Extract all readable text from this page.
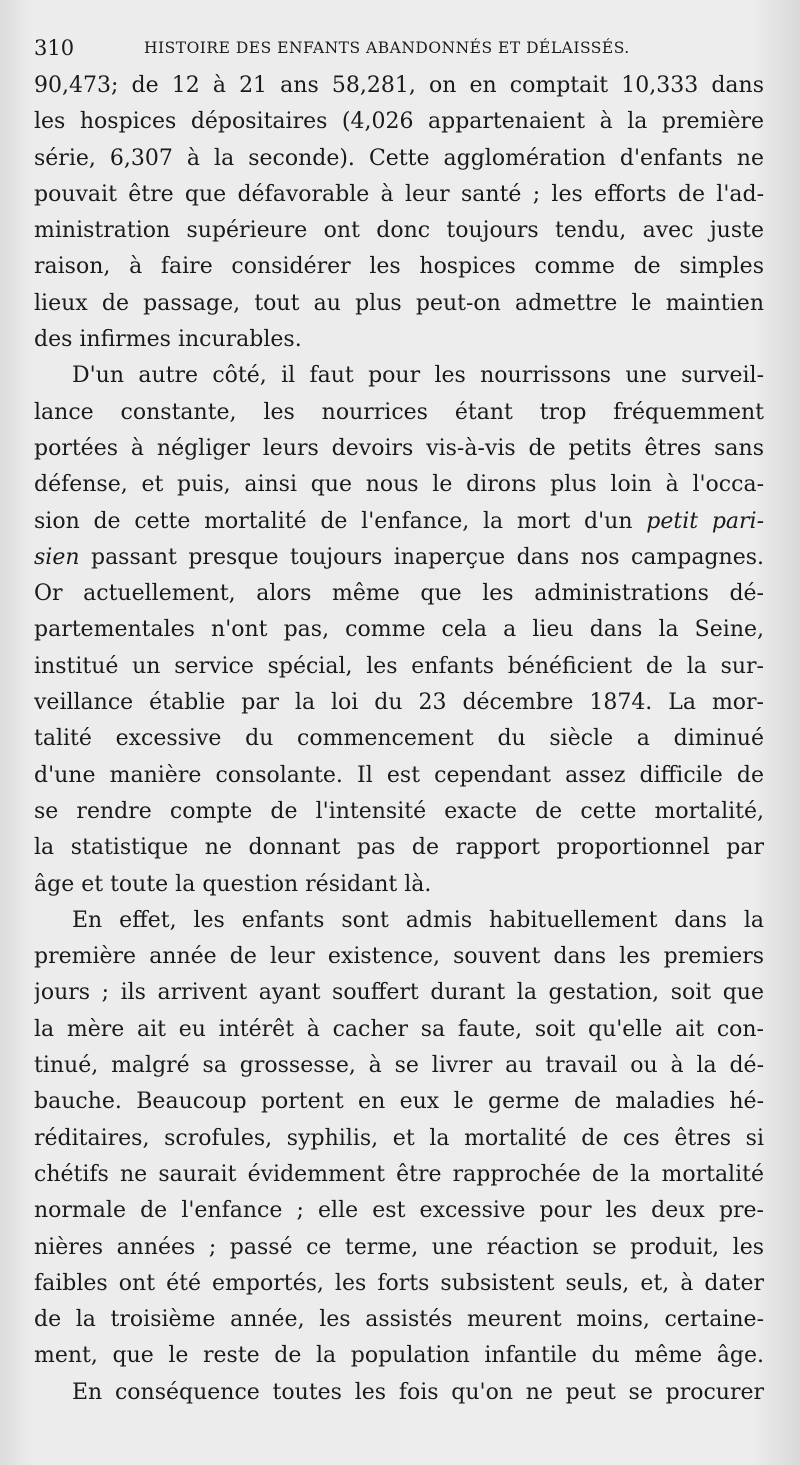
310	HISTOIRE DES ENFANTS ABANDONNÉS ET DÉLAISSÉS.
90,473; de 12 à 21 ans 58,281, on en comptait 10,333 dans
les hospices dépositaires (4,026 appartenaient à la première
série, 6,307 à la seconde). Cette agglomération d'enfants ne
pouvait être que défavorable à leur santé ; les efforts de l'ad-
ministration supérieure ont donc toujours tendu, avec juste
raison, à faire considérer les hospices comme de simples
lieux de passage, tout au plus peut-on admettre le maintien
des infirmes incurables.
D'un autre côté, il faut pour les nourrissons une surveil-
lance constante, les nourrices étant trop fréquemment
portées à négliger leurs devoirs vis-à-vis de petits êtres sans
défense, et puis, ainsi que nous le dirons plus loin à l'occa-
sion de cette mortalité de l'enfance, la mort d'un petit pari-
sien passant presque toujours inaperçue dans nos campagnes.
Or actuellement, alors même que les administrations dé-
partementales n'ont pas, comme cela a lieu dans la Seine,
institué un service spécial, les enfants bénéficient de la sur-
veillance établie par la loi du 23 décembre 1874. La mor-
talité excessive du commencement du siècle a diminué
d'une manière consolante. Il est cependant assez difficile de
se rendre compte de l'intensité exacte de cette mortalité,
la statistique ne donnant pas de rapport proportionnel par
âge et toute la question résidant là.
En effet, les enfants sont admis habituellement dans la
première année de leur existence, souvent dans les premiers
jours ; ils arrivent ayant souffert durant la gestation, soit que
la mère ait eu intérêt à cacher sa faute, soit qu'elle ait con-
tinué, malgré sa grossesse, à se livrer au travail ou à la dé-
bauche. Beaucoup portent en eux le germe de maladies hé-
réditaires, scrofules, syphilis, et la mortalité de ces êtres si
chétifs ne saurait évidemment être rapprochée de la mortalité
normale de l'enfance ; elle est excessive pour les deux pre-
nières années ; passé ce terme, une réaction se produit, les
faibles ont été emportés, les forts subsistent seuls, et, à dater
de la troisième année, les assistés meurent moins, certaine-
ment, que le reste de la population infantile du même âge.
En conséquence toutes les fois qu'on ne peut se procurer
